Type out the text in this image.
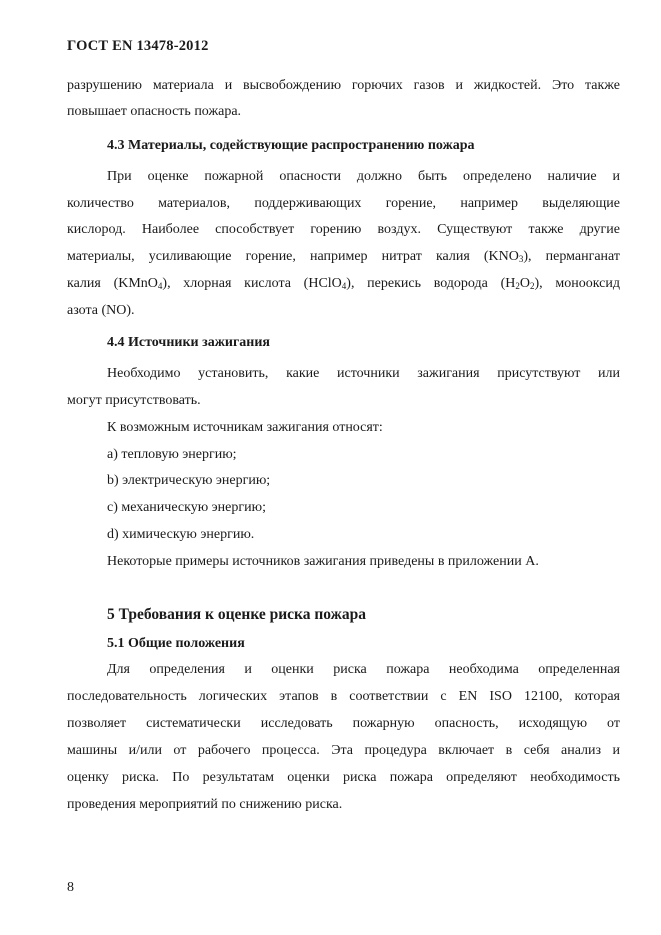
ГОСТ EN 13478-2012
разрушению материала и высвобождению горючих газов и жидкостей. Это также
повышает опасность пожара.
4.3 Материалы, содействующие распространению пожара
При оценке пожарной опасности должно быть определено наличие и
количество материалов, поддерживающих горение, например выделяющие
кислород. Наиболее способствует горению воздух. Существуют также другие
материалы, усиливающие горение, например нитрат калия $(KNO_3)$, перманганат
калия (KMnO$_4$), хлорная кислота (HClO$_4$), перекись водорода $(H_2O_2)$, монооксид
азота (NO).
4.4 Источники зажигания
Необходимо установить, какие источники зажигания присутствуют или
могут присутствовать.
К возможным источникам зажигания относят:
a) тепловую энергию;
b) электрическую энергию;
c) механическую энергию;
d) химическую энергию.
Некоторые примеры источников зажигания приведены в приложении А.
5 Требования к оценке риска пожара
5.1 Общие положения
Для определения и оценки риска пожара необходима определенная
последовательность логических этапов в соответствии с EN ISO 12100, которая
позволяет систематически исследовать пожарную опасность, исходящую от
машины и/или от рабочего процесса. Эта процедура включает в себя анализ и
оценку риска. По результатам оценки риска пожара определяют необходимость
проведения мероприятий по снижению риска.
8
